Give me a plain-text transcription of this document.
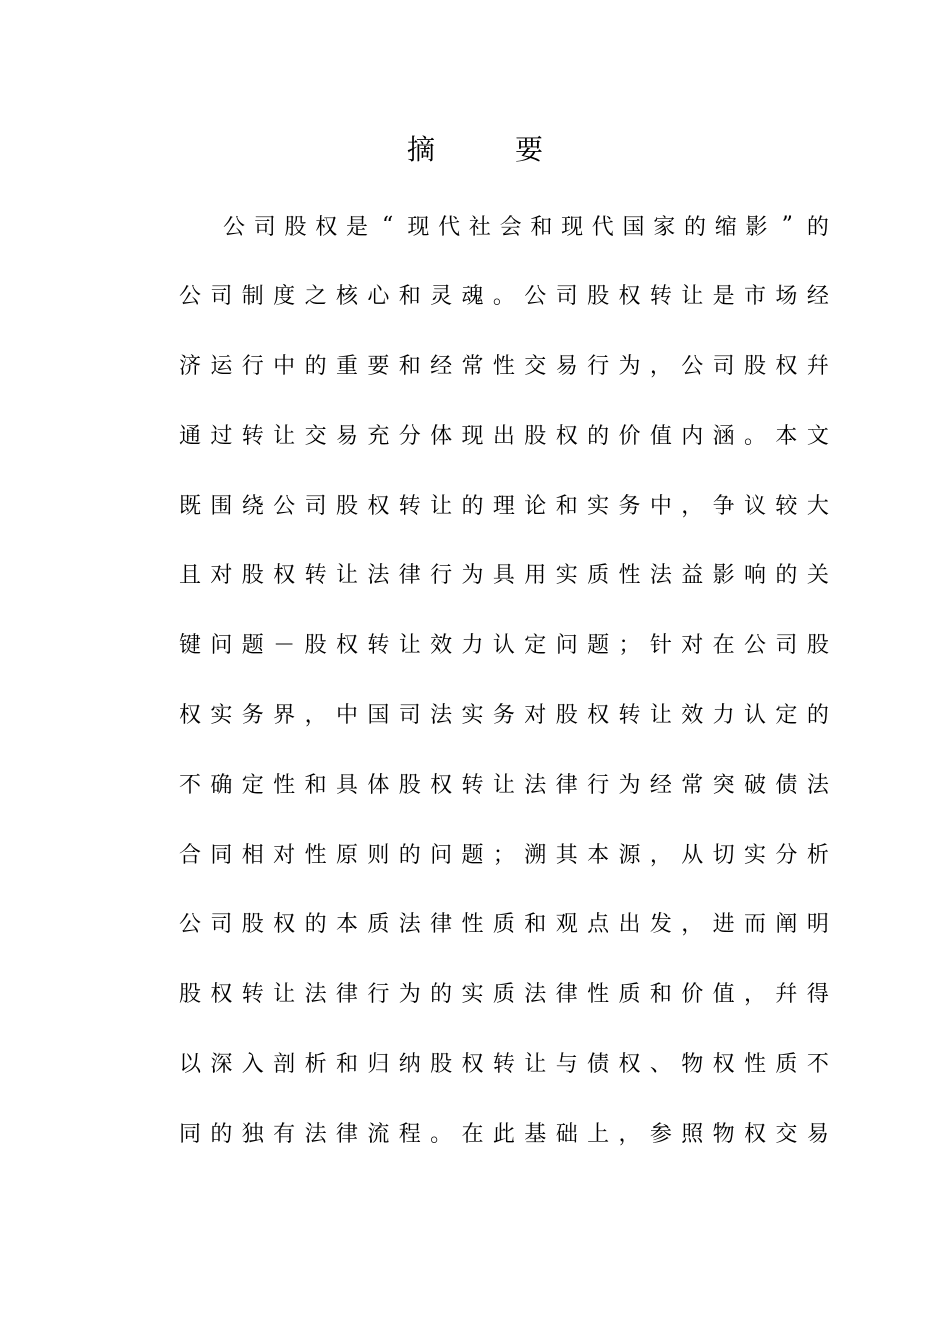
摘	要
公 司 股 权 是 “ 现 代 社 会 和 现 代 国 家 的 缩 影 ” 的
公 司 制 度 之 核 心 和 灵 魂 。 公 司 股 权 转 让 是 市 场 经
济 运 行 中 的 重 要 和 经 常 性 交 易 行 为 ， 公 司 股 权 幷
通 过 转 让 交 易 充 分 体 现 出 股 权 的 价 值 内 涵 。 本 文
既 围 绕 公 司 股 权 转 让 的 理 论 和 实 务 中 ， 争 议 较 大
且 对 股 权 转 让 法 律 行 为 具 用 实 质 性 法 益 影 响 的 关
键 问 题 － 股 权 转 让 效 力 认 定 问 题 ； 针 对 在 公 司 股
权 实 务 界 ， 中 国 司 法 实 务 对 股 权 转 让 效 力 认 定 的
不 确 定 性 和 具 体 股 权 转 让 法 律 行 为 经 常 突 破 债 法
合 同 相 对 性 原 则 的 问 题 ； 溯 其 本 源 ， 从 切 实 分 析
公 司 股 权 的 本 质 法 律 性 质 和 观 点 出 发 ， 进 而 阐 明
股 权 转 让 法 律 行 为 的 实 质 法 律 性 质 和 价 值 ， 幷 得
以 深 入 剖 析 和 归 纳 股 权 转 让 与 债 权 、 物 权 性 质 不
同 的 独 有 法 律 流 程 。 在 此 基 础 上 ， 参 照 物 权 交 易
